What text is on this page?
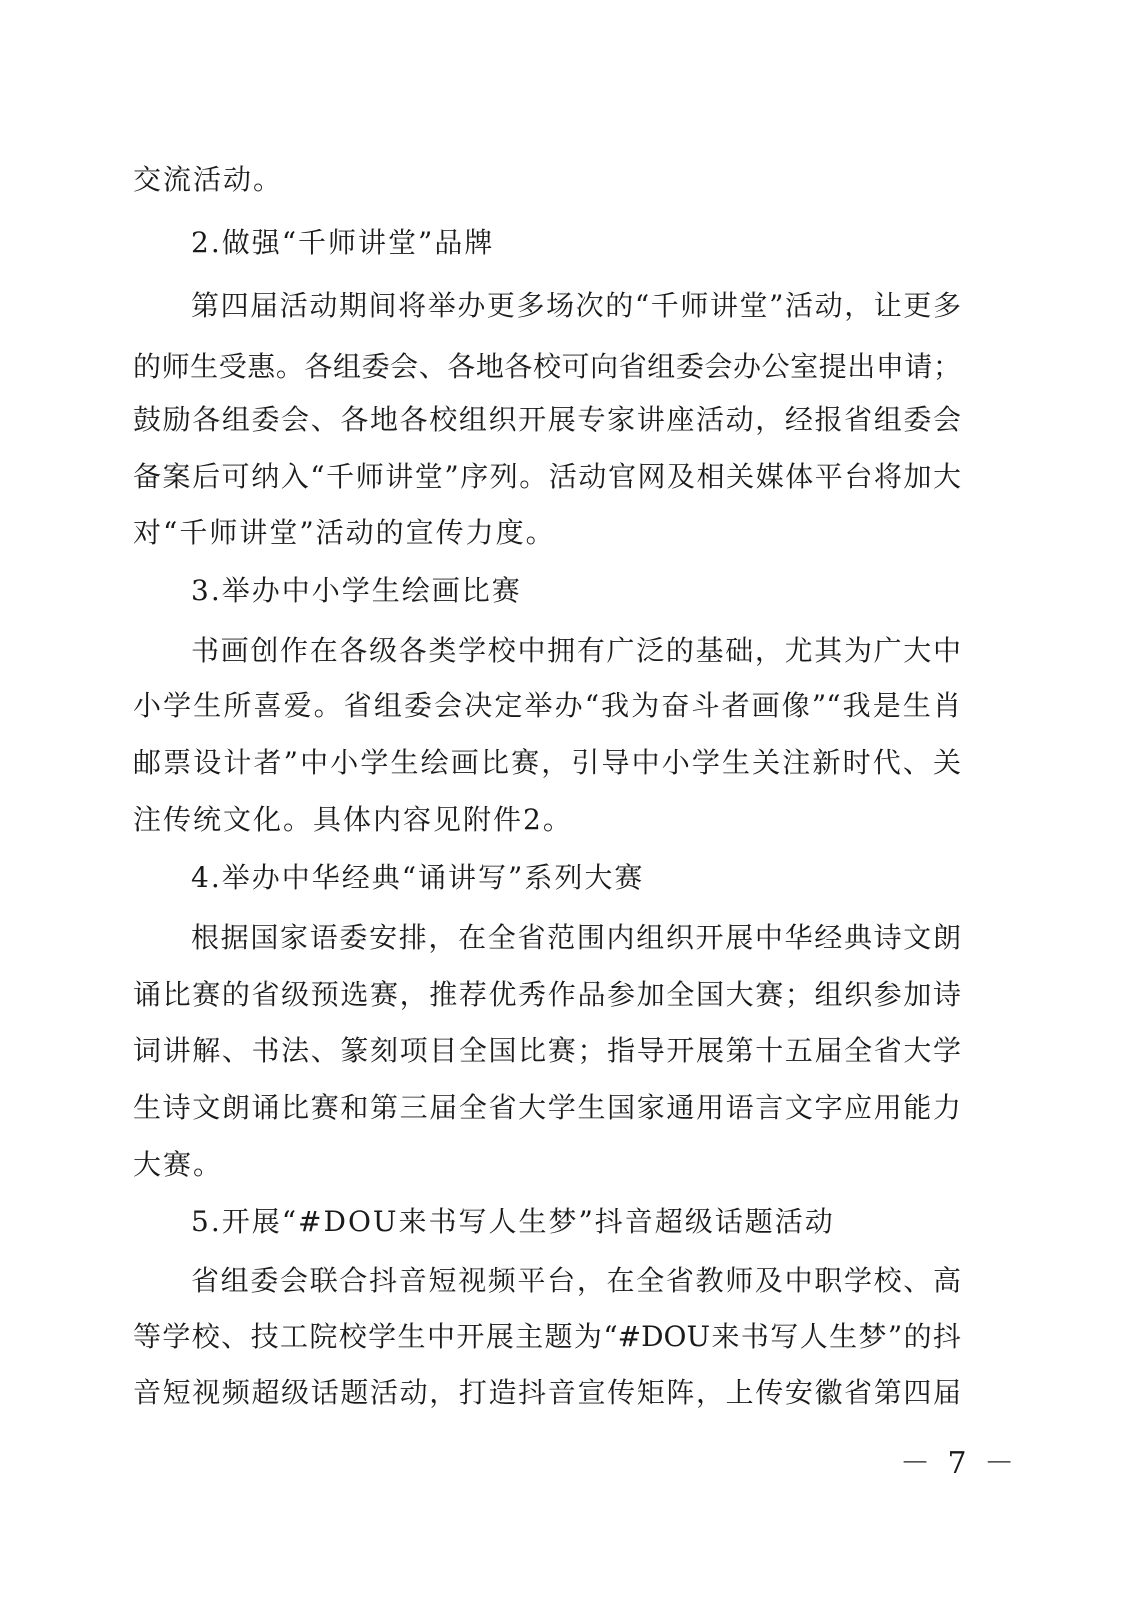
交流活动。
2.做强“千师讲堂”品牌
第四届活动期间将举办更多场次的“千师讲堂”活动，让更多
的师生受惠。各组委会、各地各校可向省组委会办公室提出申请；
鼓励各组委会、各地各校组织开展专家讲座活动，经报省组委会
备案后可纳入“千师讲堂”序列。活动官网及相关媒体平台将加大
对“千师讲堂”活动的宣传力度。
3.举办中小学生绘画比赛
书画创作在各级各类学校中拥有广泛的基础，尤其为广大中
小学生所喜爱。省组委会决定举办“我为奋斗者画像”“我是生肖
邮票设计者”中小学生绘画比赛，引导中小学生关注新时代、关
注传统文化。具体内容见附件2。
4.举办中华经典“诵讲写”系列大赛
根据国家语委安排，在全省范围内组织开展中华经典诗文朗
诵比赛的省级预选赛，推荐优秀作品参加全国大赛；组织参加诗
词讲解、书法、篆刻项目全国比赛；指导开展第十五届全省大学
生诗文朗诵比赛和第三届全省大学生国家通用语言文字应用能力
大赛。
5.开展“#DOU来书写人生梦”抖音超级话题活动
省组委会联合抖音短视频平台，在全省教师及中职学校、高
等学校、技工院校学生中开展主题为“#DOU来书写人生梦”的抖
音短视频超级话题活动，打造抖音宣传矩阵，上传安徽省第四届
－ 7 －
